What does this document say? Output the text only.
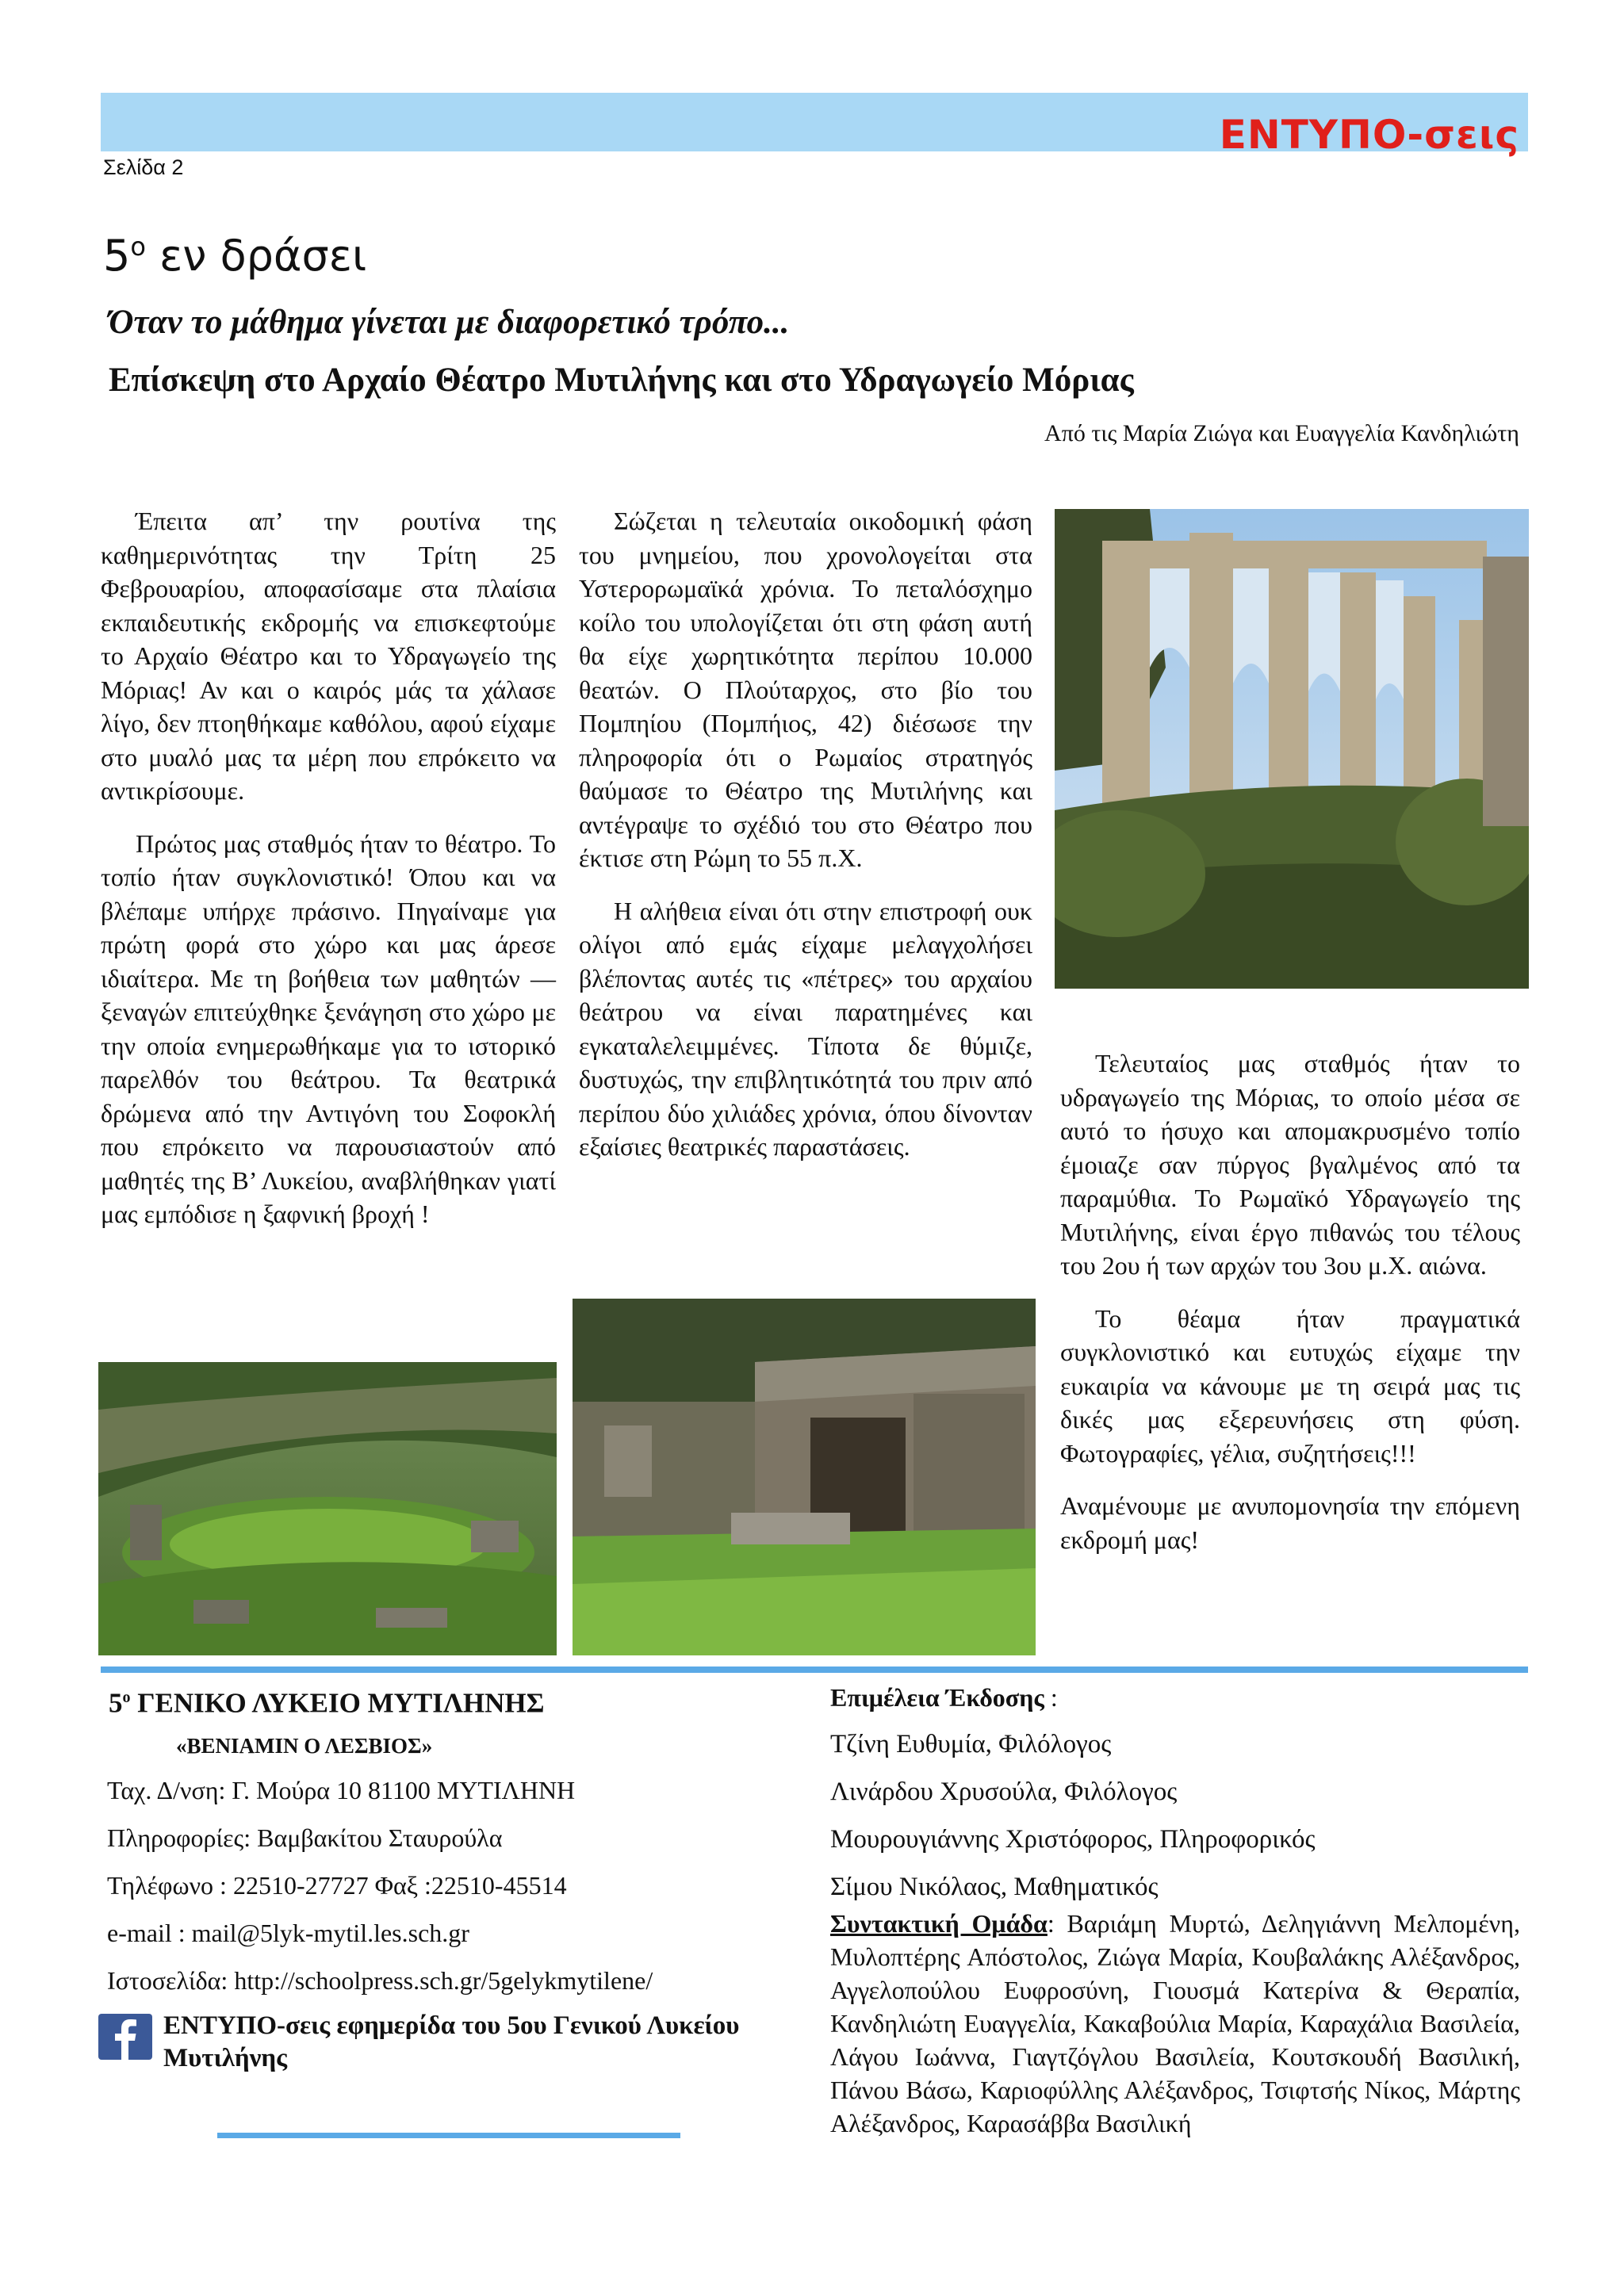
ΕΝΤΥΠΟ-σεις
Σελίδα 2
$5^o$ εν δράσει
Όταν το μάθημα γίνεται με διαφορετικό τρόπο...
Επίσκεψη στο Αρχαίο Θέατρο Μυτιλήνης και στο Υδραγωγείο Μόριας
Από τις Μαρία Ζιώγα και Ευαγγελία Κανδηλιώτη

Έπειτα απ’ την ρουτίνα της καθημερινότητας την Τρίτη 25 Φεβρουαρίου, αποφασίσαμε στα πλαίσια εκπαιδευτικής εκδρομής να επισκεφτούμε το Αρχαίο Θέατρο και το Υδραγωγείο της Μόριας! Αν και ο καιρός μάς τα χάλασε λίγο, δεν πτοηθήκαμε καθόλου, αφού είχαμε στο μυαλό μας τα μέρη που επρόκειτο να αντικρίσουμε.

Πρώτος μας σταθμός ήταν το θέατρο. Το τοπίο ήταν συγκλονιστικό! Όπου και να βλέπαμε υπήρχε πράσινο. Πηγαίναμε για πρώτη φορά στο χώρο και μας άρεσε ιδιαίτερα. Με τη βοήθεια των μαθητών — ξεναγών επιτεύχθηκε ξενάγηση στο χώρο με την οποία ενημερωθήκαμε για το ιστορικό παρελθόν του θεάτρου. Τα θεατρικά δρώμενα από την Αντιγόνη του Σοφοκλή που επρόκειτο να παρουσιαστούν από μαθητές της Β’ Λυκείου, αναβλήθηκαν γιατί μας εμπόδισε η ξαφνική βροχή !

Σώζεται η τελευταία οικοδομική φάση του μνημείου, που χρονολογείται στα Υστερορωμαϊκά χρόνια. Το πεταλόσχημο κοίλο του υπολογίζεται ότι στη φάση αυτή θα είχε χωρητικότητα περίπου 10.000 θεατών. Ο Πλούταρχος, στο βίο του Πομπηίου (Πομπήιος, 42) διέσωσε την πληροφορία ότι ο Ρωμαίος στρατηγός θαύμασε το Θέατρο της Μυτιλήνης και αντέγραψε το σχέδιό του στο Θέατρο που έκτισε στη Ρώμη το 55 π.Χ.

Η αλήθεια είναι ότι στην επιστροφή ουκ ολίγοι από εμάς είχαμε μελαγχολήσει βλέποντας αυτές τις «πέτρες» του αρχαίου θεάτρου να είναι παρατημένες και εγκαταλελειμμένες. Τίποτα δε θύμιζε, δυστυχώς, την επιβλητικότητά του πριν από περίπου δύο χιλιάδες χρόνια, όπου δίνονταν εξαίσιες θεατρικές παραστάσεις.

Τελευταίος μας σταθμός ήταν το υδραγωγείο της Μόριας, το οποίο μέσα σε αυτό το ήσυχο και απομακρυσμένο τοπίο έμοιαζε σαν πύργος βγαλμένος από τα παραμύθια. Το Ρωμαϊκό Υδραγωγείο της Μυτιλήνης, είναι έργο πιθανώς του τέλους του 2ου ή των αρχών του 3ου μ.Χ. αιώνα.

Το θέαμα ήταν πραγματικά συγκλονιστικό και ευτυχώς είχαμε την ευκαιρία να κάνουμε με τη σειρά μας τις δικές μας εξερευνήσεις στη φύση. Φωτογραφίες, γέλια, συζητήσεις!!!

Αναμένουμε με ανυπομονησία την επόμενη εκδρομή μας!

$5^o$ ΓΕΝΙΚΟ ΛΥΚΕΙΟ ΜΥΤΙΛΗΝΗΣ
«ΒΕΝΙΑΜΙΝ Ο ΛΕΣΒΙΟΣ»
Ταχ. Δ/νση: Γ. Μούρα 10 81100 ΜΥΤΙΛΗΝΗ
Πληροφορίες: Βαμβακίτου Σταυρούλα
Τηλέφωνο : 22510-27727 Φαξ :22510-45514
e-mail : mail@5lyk-mytil.les.sch.gr
Ιστοσελίδα: http://schoolpress.sch.gr/5gelykmytilene/
ΕΝΤΥΠΟ-σεις εφημερίδα του 5ου Γενικού Λυκείου Μυτιλήνης
Επιμέλεια Έκδοσης :
Τζίνη Ευθυμία, Φιλόλογος
Λινάρδου Χρυσούλα, Φιλόλογος
Μουρουγιάννης Χριστόφορος, Πληροφορικός
Σίμου Νικόλαος, Μαθηματικός
Συντακτική Ομάδα: Βαριάμη Μυρτώ, Δεληγιάννη Μελπομένη, Μυλοπτέρης Απόστολος, Ζιώγα Μαρία, Κουβαλάκης Αλέξανδρος, Αγγελοπούλου Ευφροσύνη, Γιουσμά Κατερίνα & Θεραπία, Κανδηλιώτη Ευαγγελία, Κακαβούλια Μαρία, Καραχάλια Βασιλεία, Λάγου Ιωάννα, Γιαγτζόγλου Βασιλεία, Κουτσκουδή Βασιλική, Πάνου Βάσω, Καριοφύλλης Αλέξανδρος, Τσιφτσής Νίκος, Μάρτης Αλέξανδρος, Καρασάββα Βασιλική
